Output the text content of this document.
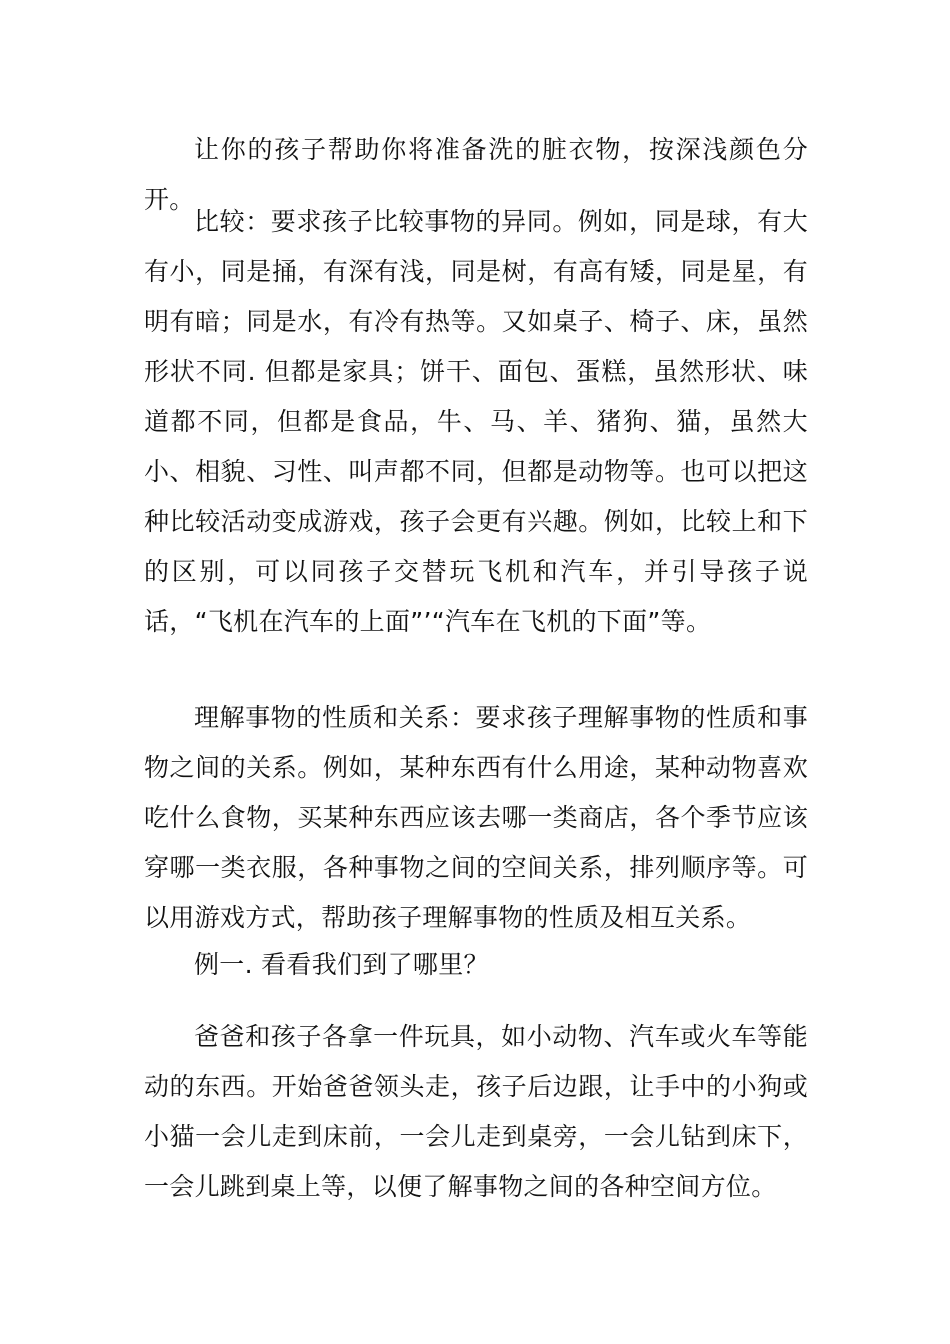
让你的孩子帮助你将准备洗的脏衣物，按深浅颜色分开。

比较：要求孩子比较事物的异同。例如，同是球，有大有小，同是捅，有深有浅，同是树，有高有矮，同是星，有明有暗；同是水，有冷有热等。又如桌子、椅子、床，虽然形状不同. 但都是家具；饼干、面包、蛋糕，虽然形状、味道都不同，但都是食品，牛、马、羊、猪狗、猫，虽然大小、相貌、习性、叫声都不同，但都是动物等。也可以把这种比较活动变成游戏，孩子会更有兴趣。例如，比较上和下的区别，可以同孩子交替玩飞机和汽车，并引导孩子说话，“飞机在汽车的上面”’“汽车在飞机的下面”等。

理解事物的性质和关系：要求孩子理解事物的性质和事物之间的关系。例如，某种东西有什么用途，某种动物喜欢吃什么食物，买某种东西应该去哪一类商店，各个季节应该穿哪一类衣服，各种事物之间的空间关系，排列顺序等。可以用游戏方式，帮助孩子理解事物的性质及相互关系。

例一. 看看我们到了哪里？

爸爸和孩子各拿一件玩具，如小动物、汽车或火车等能动的东西。开始爸爸领头走，孩子后边跟，让手中的小狗或小猫一会儿走到床前，一会儿走到桌旁，一会儿钻到床下，一会儿跳到桌上等，以便了解事物之间的各种空间方位。
